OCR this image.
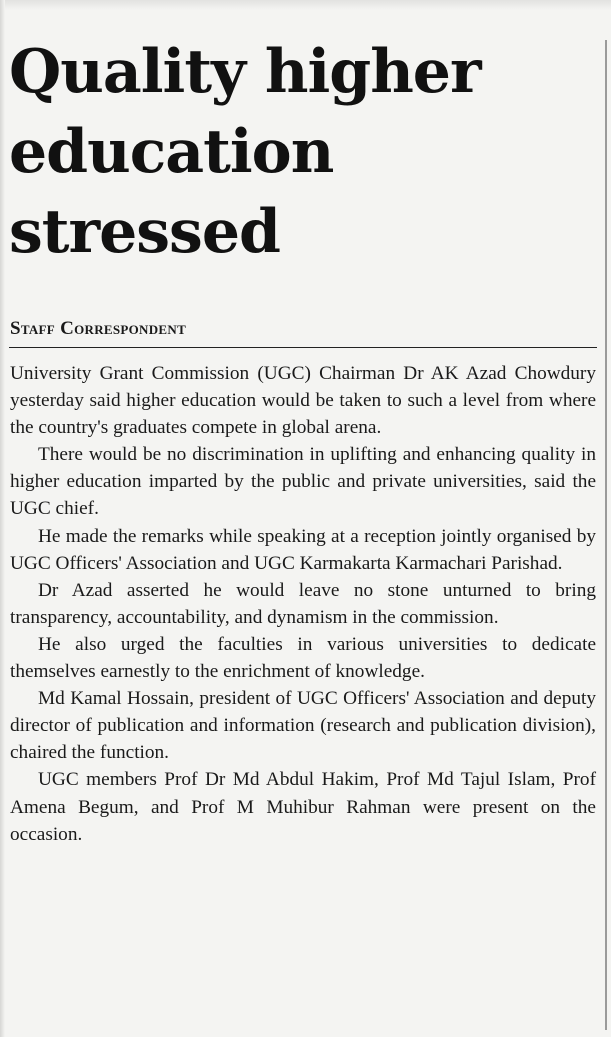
Quality higher
education
stressed

Staff Correspondent

University Grant Commission (UGC) Chairman Dr AK Azad Chowdury yesterday said higher education would be taken to such a level from where the country's graduates compete in global arena.

There would be no discrimination in uplifting and enhancing quality in higher education imparted by the public and private universities, said the UGC chief.

He made the remarks while speaking at a reception jointly organised by UGC Officers' Association and UGC Karmakarta Karmachari Parishad.

Dr Azad asserted he would leave no stone unturned to bring transparency, accountability, and dynamism in the commission.

He also urged the faculties in various universities to dedicate themselves earnestly to the enrichment of knowledge.

Md Kamal Hossain, president of UGC Officers' Association and deputy director of publication and information (research and publication division), chaired the function.

UGC members Prof Dr Md Abdul Hakim, Prof Md Tajul Islam, Prof Amena Begum, and Prof M Muhibur Rahman were present on the occasion.
